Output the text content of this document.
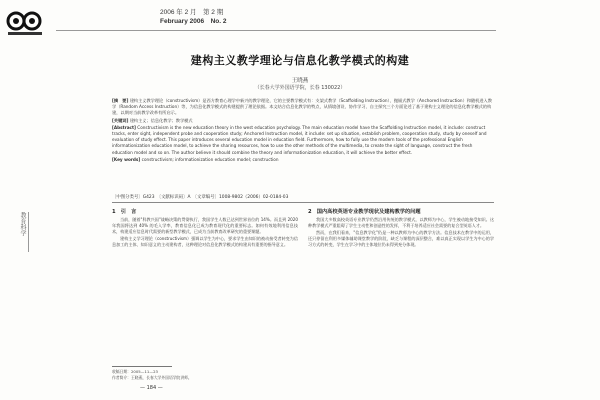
2006 年 2 月　第 2 期
February 2006　No. 2
建构主义教学理论与信息化教学模式的构建
王晓燕
（长春大学外国语学院，长春 130022）

[摘　要] 建构主义教学理论（constructivism）是西方教育心理学中新兴的教学理论，它的主要教学模式有：支架式教学（Scaffolding Instruction）、抛锚式教学（Anchored Instruction）和随机进入教学（Random Access Instruction）等，为信息化教学模式的构建提供了理论依据。本文结合信息化教学的特点，从情境创设、协作学习、自主探究三个方面论述了基于建构主义理论的信息化教学模式的构建，以期对当前教学改革有所启示。

[关键词] 建构主义；信息化教学；教学模式

[Abstract] Constructivism is the new education theory in the west education psychology. The main education model have the Scaffolding Instruction model, it include: construct tracks, enter sight, independent probe and cooperation study; Anchored Instruction model, it include: set up situation, establish problem, cooperation study, study by oneself and evaluation of study effect. This paper introduces several education model in education field. Furthermore, how to fully use the modern tools of the professional English informationization education model, to achieve the sharing resources, how to use the other methods of the multimedia, to create the sight of language, construct the fresh education model and so on. The author believe it should combine the theory and informationization education, it will achieve the better effect.

[Key words] constructivism; informationization education model; construction

〔中图分类号〕G423　〔文献标识码〕A　〔文章编号〕1008-9802（2006）02-0184-03
1　引　言

当前，随着"科教兴国"战略决策的贯彻执行，我国学生人数已达到世界首位的 14%。而且到 2020 年我国将达到 40% 的毛入学率，教育信息化已成为教育现代化的重要标志。如何有效地利用信息技术，构建适应信息时代需要的新型教学模式，已成为当前教育改革研究的重要课题。

建构主义学习理论（constructivism）强调以学生为中心，要求学生由知识的被动接受者转变为信息加工的主体、知识意义的主动建构者，这种理论对信息化教学模式的构建具有重要的指导意义。

2　国内高校英语专业教学现状及建构教学的问题

我国大多数高校英语专业教学仍然沿用传统的教学模式，以教师为中心，学生被动地接受知识。这种教学模式严重阻碍了学生主动性和创造性的发挥，不利于培养适应社会需要的复合型英语人才。

然而，在我们看来，"信息教学化"仍是一种以教师为中心的教学方法。信息技术在教学中的运用，还只停留在利用多媒体辅助课堂教学的阶段，缺乏与课程的深层整合，难以真正实现以学生为中心的学习方式的转变，学生在学习中的主体地位仍未得到充分体现。

收稿日期：2005—11—23
作者简介：王晓燕，长春大学外国语学院讲师。
— 184 —
教育科学
